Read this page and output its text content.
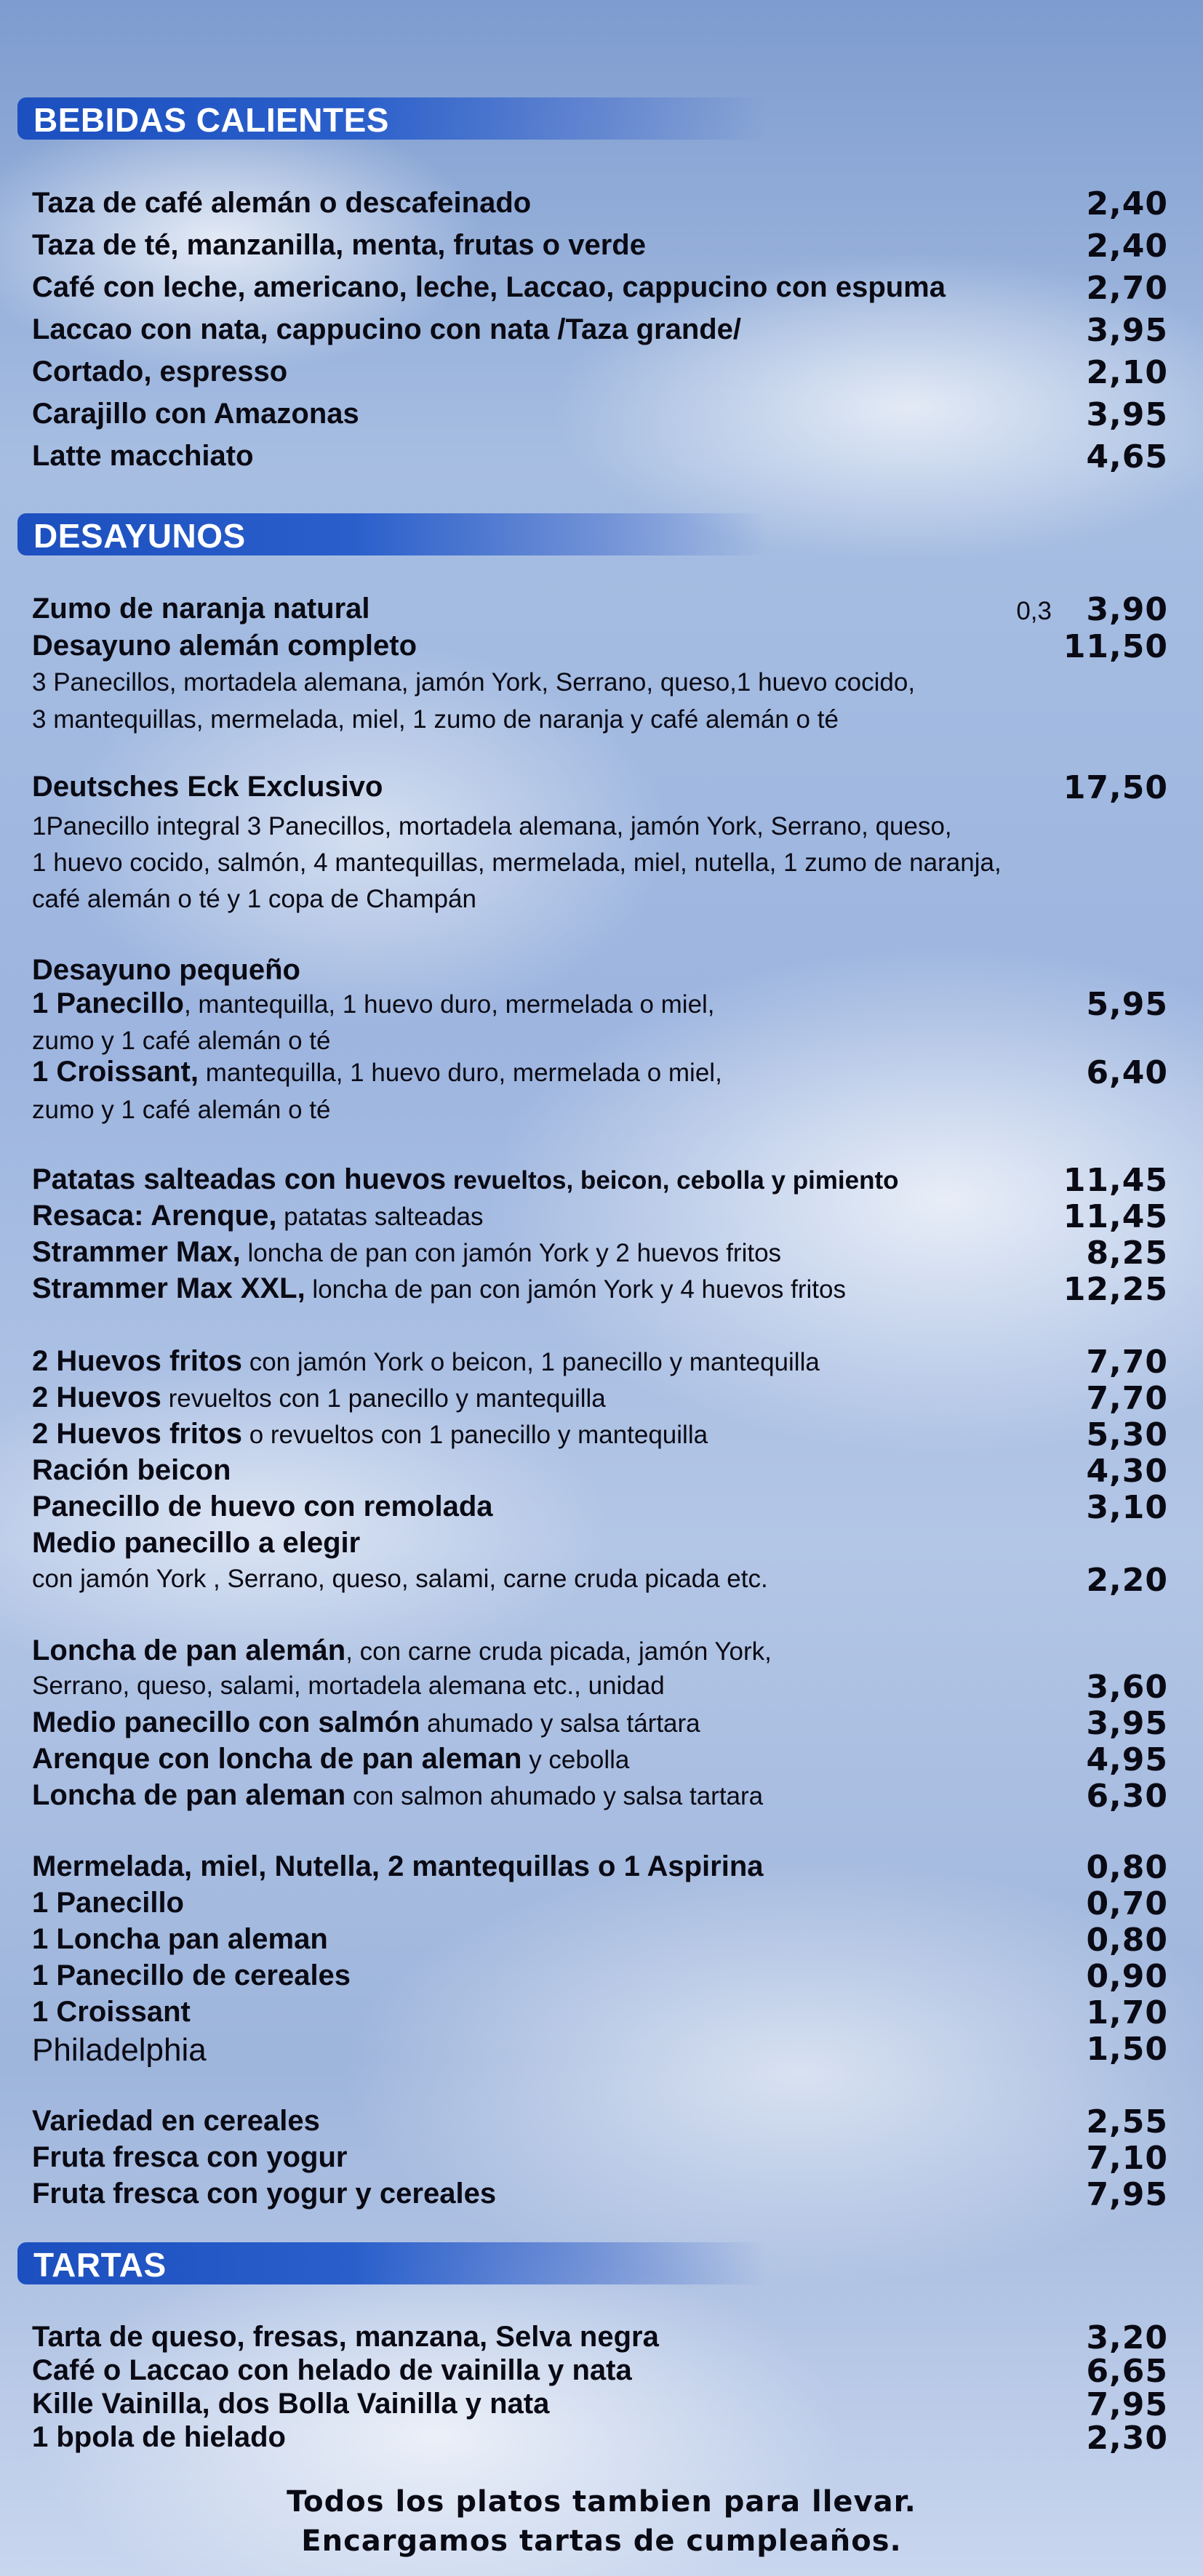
BEBIDAS CALIENTES
Taza de café alemán o descafeinado	2,40
Taza de té, manzanilla, menta, frutas o verde	2,40
Café con leche, americano, leche, Laccao, cappucino con espuma	2,70
Laccao con nata, cappucino con nata /Taza grande/	3,95
Cortado, espresso	2,10
Carajillo con Amazonas	3,95
Latte macchiato	4,65
DESAYUNOS
Zumo de naranja natural	0,3 3,90
Desayuno alemán completo	11,50
3 Panecillos, mortadela alemana, jamón York, Serrano, queso,1 huevo cocido,
3 mantequillas, mermelada, miel, 1 zumo de naranja y café alemán o té
Deutsches Eck Exclusivo	17,50
1Panecillo integral 3 Panecillos, mortadela alemana, jamón York, Serrano, queso,
1 huevo cocido, salmón, 4 mantequillas, mermelada, miel, nutella, 1 zumo de naranja,
café alemán o té y 1 copa de Champán
Desayuno pequeño
1 Panecillo, mantequilla, 1 huevo duro, mermelada o miel,	5,95
zumo y 1 café alemán o té
1 Croissant, mantequilla, 1 huevo duro, mermelada o miel,	6,40
zumo y 1 café alemán o té
Patatas salteadas con huevos revueltos, beicon, cebolla y pimiento	11,45
Resaca: Arenque, patatas salteadas	11,45
Strammer Max, loncha de pan con jamón York y 2 huevos fritos	8,25
Strammer Max XXL, loncha de pan con jamón York y 4 huevos fritos	12,25
2 Huevos fritos con jamón York o beicon, 1 panecillo y mantequilla	7,70
2 Huevos revueltos con 1 panecillo y mantequilla	7,70
2 Huevos fritos o revueltos con 1 panecillo y mantequilla	5,30
Ración beicon	4,30
Panecillo de huevo con remolada	3,10
Medio panecillo a elegir
con jamón York , Serrano, queso, salami, carne cruda picada etc.	2,20
Loncha de pan alemán, con carne cruda picada, jamón York,
Serrano, queso, salami, mortadela alemana etc., unidad	3,60
Medio panecillo con salmón ahumado y salsa tártara	3,95
Arenque con loncha de pan aleman y cebolla	4,95
Loncha de pan aleman con salmon ahumado y salsa tartara	6,30
Mermelada, miel, Nutella, 2 mantequillas o 1 Aspirina	0,80
1 Panecillo	0,70
1 Loncha pan aleman	0,80
1 Panecillo de cereales	0,90
1 Croissant	1,70
Philadelphia	1,50
Variedad en cereales	2,55
Fruta fresca con yogur	7,10
Fruta fresca con yogur y cereales	7,95
TARTAS
Tarta de queso, fresas, manzana, Selva negra	3,20
Café o Laccao con helado de vainilla y nata	6,65
Kille Vainilla, dos Bolla Vainilla y nata	7,95
1 bpola de hielado	2,30
Todos los platos tambien para llevar.
Encargamos tartas de cumpleaños.
